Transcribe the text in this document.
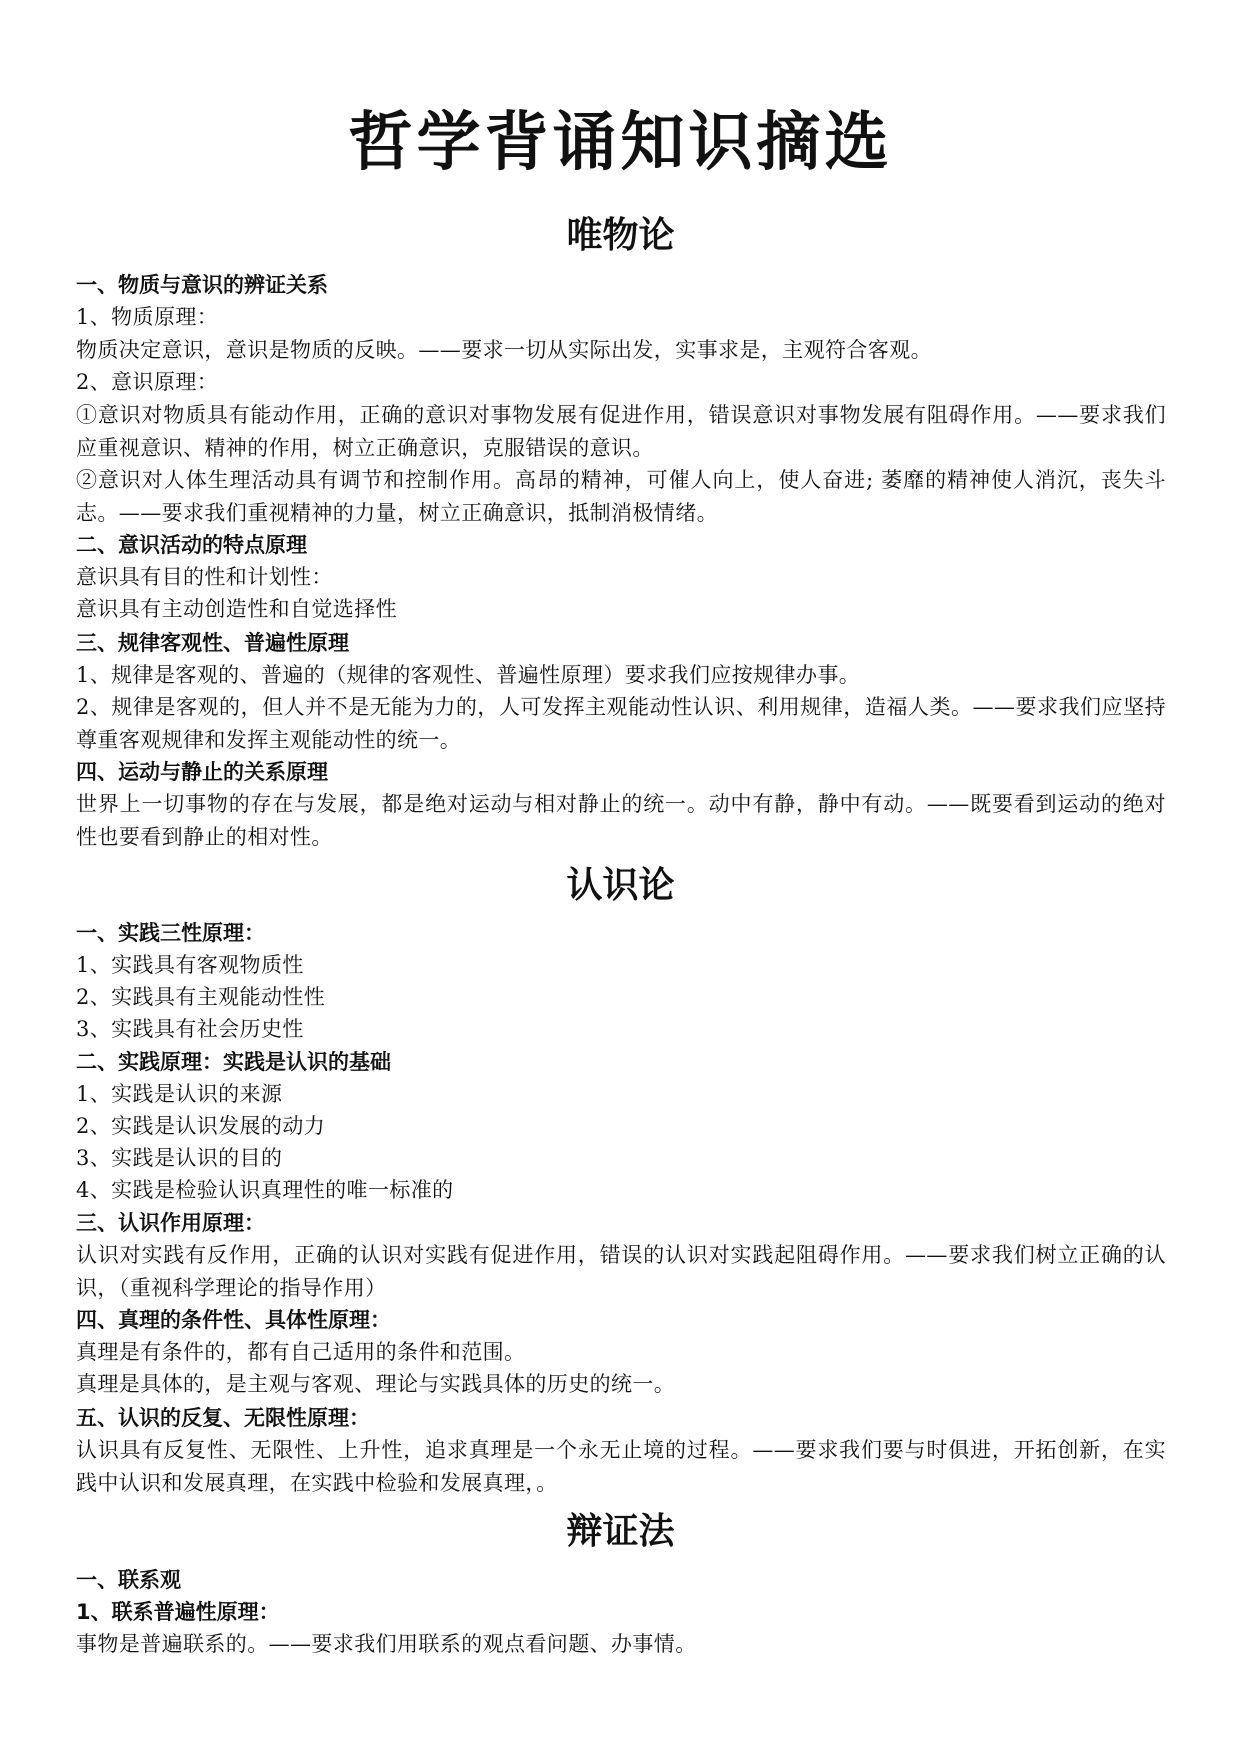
哲学背诵知识摘选
唯物论
一、物质与意识的辨证关系

1、物质原理：

物质决定意识，意识是物质的反映。——要求一切从实际出发，实事求是，主观符合客观。

2、意识原理：

①意识对物质具有能动作用，正确的意识对事物发展有促进作用，错误意识对事物发展有阻碍作用。——要求我们应重视意识、精神的作用，树立正确意识，克服错误的意识。

②意识对人体生理活动具有调节和控制作用。高昂的精神，可催人向上，使人奋进; 萎靡的精神使人消沉，丧失斗志。——要求我们重视精神的力量，树立正确意识，抵制消极情绪。

二、意识活动的特点原理

意识具有目的性和计划性：

意识具有主动创造性和自觉选择性

三、规律客观性、普遍性原理

1、规律是客观的、普遍的（规律的客观性、普遍性原理）要求我们应按规律办事。

2、规律是客观的，但人并不是无能为力的，人可发挥主观能动性认识、利用规律，造福人类。——要求我们应坚持尊重客观规律和发挥主观能动性的统一。

四、运动与静止的关系原理

世界上一切事物的存在与发展，都是绝对运动与相对静止的统一。动中有静，静中有动。——既要看到运动的绝对性也要看到静止的相对性。

认识论
一、实践三性原理：

1、实践具有客观物质性

2、实践具有主观能动性性

3、实践具有社会历史性

二、实践原理：实践是认识的基础

1、实践是认识的来源

2、实践是认识发展的动力

3、实践是认识的目的

4、实践是检验认识真理性的唯一标准的

三、认识作用原理：

认识对实践有反作用，正确的认识对实践有促进作用，错误的认识对实践起阻碍作用。——要求我们树立正确的认识，（重视科学理论的指导作用）

四、真理的条件性、具体性原理：

真理是有条件的，都有自己适用的条件和范围。

真理是具体的，是主观与客观、理论与实践具体的历史的统一。

五、认识的反复、无限性原理：

认识具有反复性、无限性、上升性，追求真理是一个永无止境的过程。——要求我们要与时俱进，开拓创新，在实践中认识和发展真理，在实践中检验和发展真理，。

辩证法
一、联系观
1、联系普遍性原理：

事物是普遍联系的。——要求我们用联系的观点看问题、办事情。
